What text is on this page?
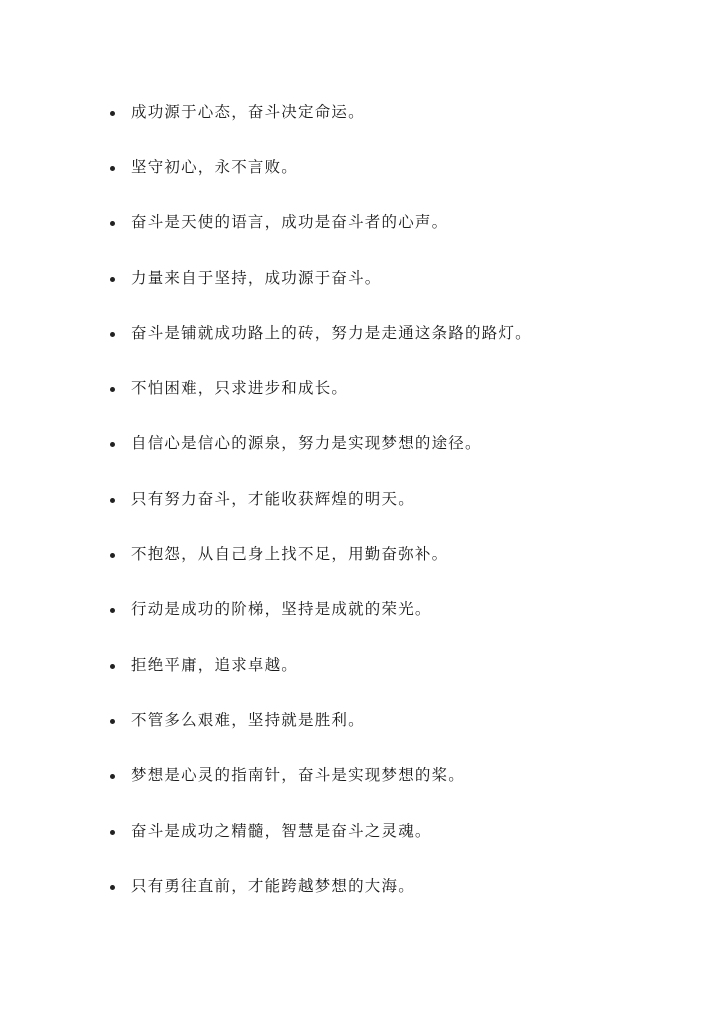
成功源于心态，奋斗决定命运。
坚守初心，永不言败。
奋斗是天使的语言，成功是奋斗者的心声。
力量来自于坚持，成功源于奋斗。
奋斗是铺就成功路上的砖，努力是走通这条路的路灯。
不怕困难，只求进步和成长。
自信心是信心的源泉，努力是实现梦想的途径。
只有努力奋斗，才能收获辉煌的明天。
不抱怨，从自己身上找不足，用勤奋弥补。
行动是成功的阶梯，坚持是成就的荣光。
拒绝平庸，追求卓越。
不管多么艰难，坚持就是胜利。
梦想是心灵的指南针，奋斗是实现梦想的桨。
奋斗是成功之精髓，智慧是奋斗之灵魂。
只有勇往直前，才能跨越梦想的大海。
